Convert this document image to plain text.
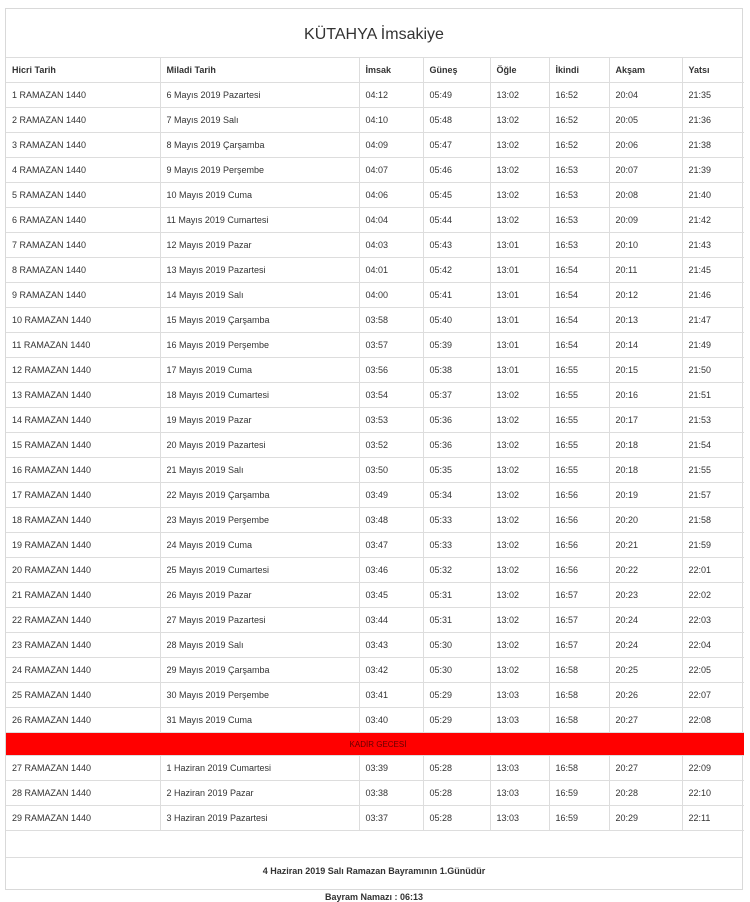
KÜTAHYA İmsakiye
Hicri Tarih	Miladi Tarih	İmsak	Güneş	Öğle	İkindi	Akşam	Yatsı
1 RAMAZAN 1440	6 Mayıs 2019 Pazartesi	04:12	05:49	13:02	16:52	20:04	21:35
2 RAMAZAN 1440	7 Mayıs 2019 Salı	04:10	05:48	13:02	16:52	20:05	21:36
3 RAMAZAN 1440	8 Mayıs 2019 Çarşamba	04:09	05:47	13:02	16:52	20:06	21:38
4 RAMAZAN 1440	9 Mayıs 2019 Perşembe	04:07	05:46	13:02	16:53	20:07	21:39
5 RAMAZAN 1440	10 Mayıs 2019 Cuma	04:06	05:45	13:02	16:53	20:08	21:40
6 RAMAZAN 1440	11 Mayıs 2019 Cumartesi	04:04	05:44	13:02	16:53	20:09	21:42
7 RAMAZAN 1440	12 Mayıs 2019 Pazar	04:03	05:43	13:01	16:53	20:10	21:43
8 RAMAZAN 1440	13 Mayıs 2019 Pazartesi	04:01	05:42	13:01	16:54	20:11	21:45
9 RAMAZAN 1440	14 Mayıs 2019 Salı	04:00	05:41	13:01	16:54	20:12	21:46
10 RAMAZAN 1440	15 Mayıs 2019 Çarşamba	03:58	05:40	13:01	16:54	20:13	21:47
11 RAMAZAN 1440	16 Mayıs 2019 Perşembe	03:57	05:39	13:01	16:54	20:14	21:49
12 RAMAZAN 1440	17 Mayıs 2019 Cuma	03:56	05:38	13:01	16:55	20:15	21:50
13 RAMAZAN 1440	18 Mayıs 2019 Cumartesi	03:54	05:37	13:02	16:55	20:16	21:51
14 RAMAZAN 1440	19 Mayıs 2019 Pazar	03:53	05:36	13:02	16:55	20:17	21:53
15 RAMAZAN 1440	20 Mayıs 2019 Pazartesi	03:52	05:36	13:02	16:55	20:18	21:54
16 RAMAZAN 1440	21 Mayıs 2019 Salı	03:50	05:35	13:02	16:55	20:18	21:55
17 RAMAZAN 1440	22 Mayıs 2019 Çarşamba	03:49	05:34	13:02	16:56	20:19	21:57
18 RAMAZAN 1440	23 Mayıs 2019 Perşembe	03:48	05:33	13:02	16:56	20:20	21:58
19 RAMAZAN 1440	24 Mayıs 2019 Cuma	03:47	05:33	13:02	16:56	20:21	21:59
20 RAMAZAN 1440	25 Mayıs 2019 Cumartesi	03:46	05:32	13:02	16:56	20:22	22:01
21 RAMAZAN 1440	26 Mayıs 2019 Pazar	03:45	05:31	13:02	16:57	20:23	22:02
22 RAMAZAN 1440	27 Mayıs 2019 Pazartesi	03:44	05:31	13:02	16:57	20:24	22:03
23 RAMAZAN 1440	28 Mayıs 2019 Salı	03:43	05:30	13:02	16:57	20:24	22:04
24 RAMAZAN 1440	29 Mayıs 2019 Çarşamba	03:42	05:30	13:02	16:58	20:25	22:05
25 RAMAZAN 1440	30 Mayıs 2019 Perşembe	03:41	05:29	13:03	16:58	20:26	22:07
26 RAMAZAN 1440	31 Mayıs 2019 Cuma	03:40	05:29	13:03	16:58	20:27	22:08
KADİR GECESİ							
27 RAMAZAN 1440	1 Haziran 2019 Cumartesi	03:39	05:28	13:03	16:58	20:27	22:09
28 RAMAZAN 1440	2 Haziran 2019 Pazar	03:38	05:28	13:03	16:59	20:28	22:10
29 RAMAZAN 1440	3 Haziran 2019 Pazartesi	03:37	05:28	13:03	16:59	20:29	22:11
4 Haziran 2019 Salı Ramazan Bayramının 1.Günüdür
Bayram Namazı : 06:13
